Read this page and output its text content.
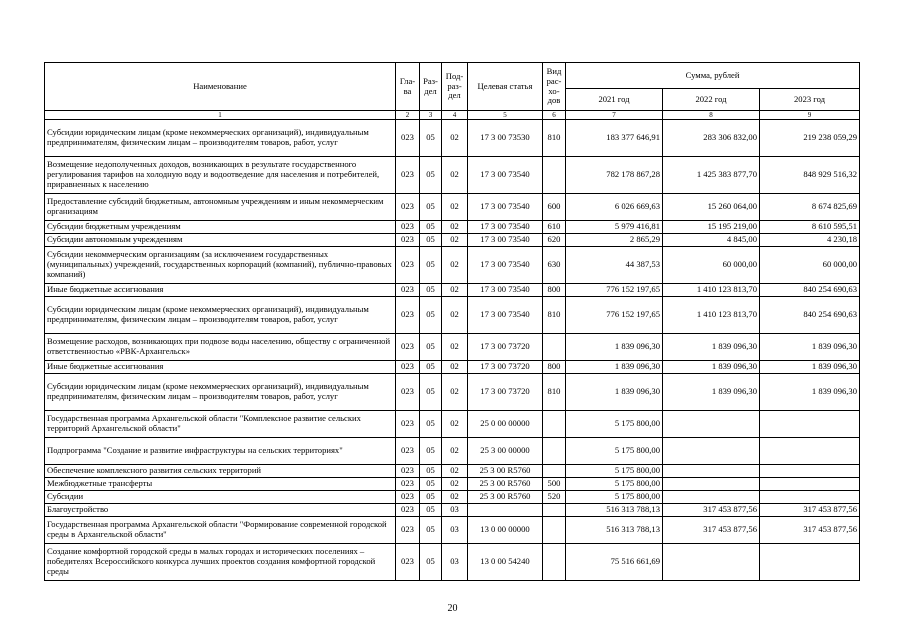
Наименование	Гла-ва	Раз-дел	Под-раз-дел	Целевая статья	Вид рас-хо-дов	Сумма, рублей		
						2021 год	2022 год	2023 год
1	2	3	4	5	6	7	8	9
Субсидии юридическим лицам (кроме некоммерческих организаций), индивидуальным предпринимателям, физическим лицам – производителям товаров, работ, услуг	023	05	02	17 3 00 73530	810	183 377 646,91	283 306 832,00	219 238 059,29
Возмещение недополученных доходов, возникающих в результате государственного регулирования тарифов на холодную воду и водоотведение для населения и потребителей, приравненных к населению	023	05	02	17 3 00 73540		782 178 867,28	1 425 383 877,70	848 929 516,32
Предоставление субсидий бюджетным, автономным учреждениям и иным некоммерческим организациям	023	05	02	17 3 00 73540	600	6 026 669,63	15 260 064,00	8 674 825,69
Субсидии бюджетным учреждениям	023	05	02	17 3 00 73540	610	5 979 416,81	15 195 219,00	8 610 595,51
Субсидии автономным учреждениям	023	05	02	17 3 00 73540	620	2 865,29	4 845,00	4 230,18
Субсидии некоммерческим организациям (за исключением государственных (муниципальных) учреждений, государственных корпораций (компаний), публично-правовых компаний)	023	05	02	17 3 00 73540	630	44 387,53	60 000,00	60 000,00
Иные бюджетные ассигнования	023	05	02	17 3 00 73540	800	776 152 197,65	1 410 123 813,70	840 254 690,63
Субсидии юридическим лицам (кроме некоммерческих организаций), индивидуальным предпринимателям, физическим лицам – производителям товаров, работ, услуг	023	05	02	17 3 00 73540	810	776 152 197,65	1 410 123 813,70	840 254 690,63
Возмещение расходов, возникающих при подвозе воды населению, обществу с ограниченной ответственностью «РВК-Архангельск»	023	05	02	17 3 00 73720		1 839 096,30	1 839 096,30	1 839 096,30
Иные бюджетные ассигнования	023	05	02	17 3 00 73720	800	1 839 096,30	1 839 096,30	1 839 096,30
Субсидии юридическим лицам (кроме некоммерческих организаций), индивидуальным предпринимателям, физическим лицам – производителям товаров, работ, услуг	023	05	02	17 3 00 73720	810	1 839 096,30	1 839 096,30	1 839 096,30
Государственная программа Архангельской области "Комплексное развитие сельских территорий Архангельской области"	023	05	02	25 0 00 00000		5 175 800,00		
Подпрограмма "Создание и развитие инфраструктуры на сельских территориях"	023	05	02	25 3 00 00000		5 175 800,00		
Обеспечение комплексного развития сельских территорий	023	05	02	25 3 00 R5760		5 175 800,00		
Межбюджетные трансферты	023	05	02	25 3 00 R5760	500	5 175 800,00		
Субсидии	023	05	02	25 3 00 R5760	520	5 175 800,00		
Благоустройство	023	05	03			516 313 788,13	317 453 877,56	317 453 877,56
Государственная программа Архангельской области "Формирование современной городской среды в Архангельской области"	023	05	03	13 0 00 00000		516 313 788,13	317 453 877,56	317 453 877,56
Создание комфортной городской среды в малых городах и исторических поселениях – победителях Всероссийского конкурса лучших проектов создания комфортной городской среды	023	05	03	13 0 00 54240		75 516 661,69		
20
